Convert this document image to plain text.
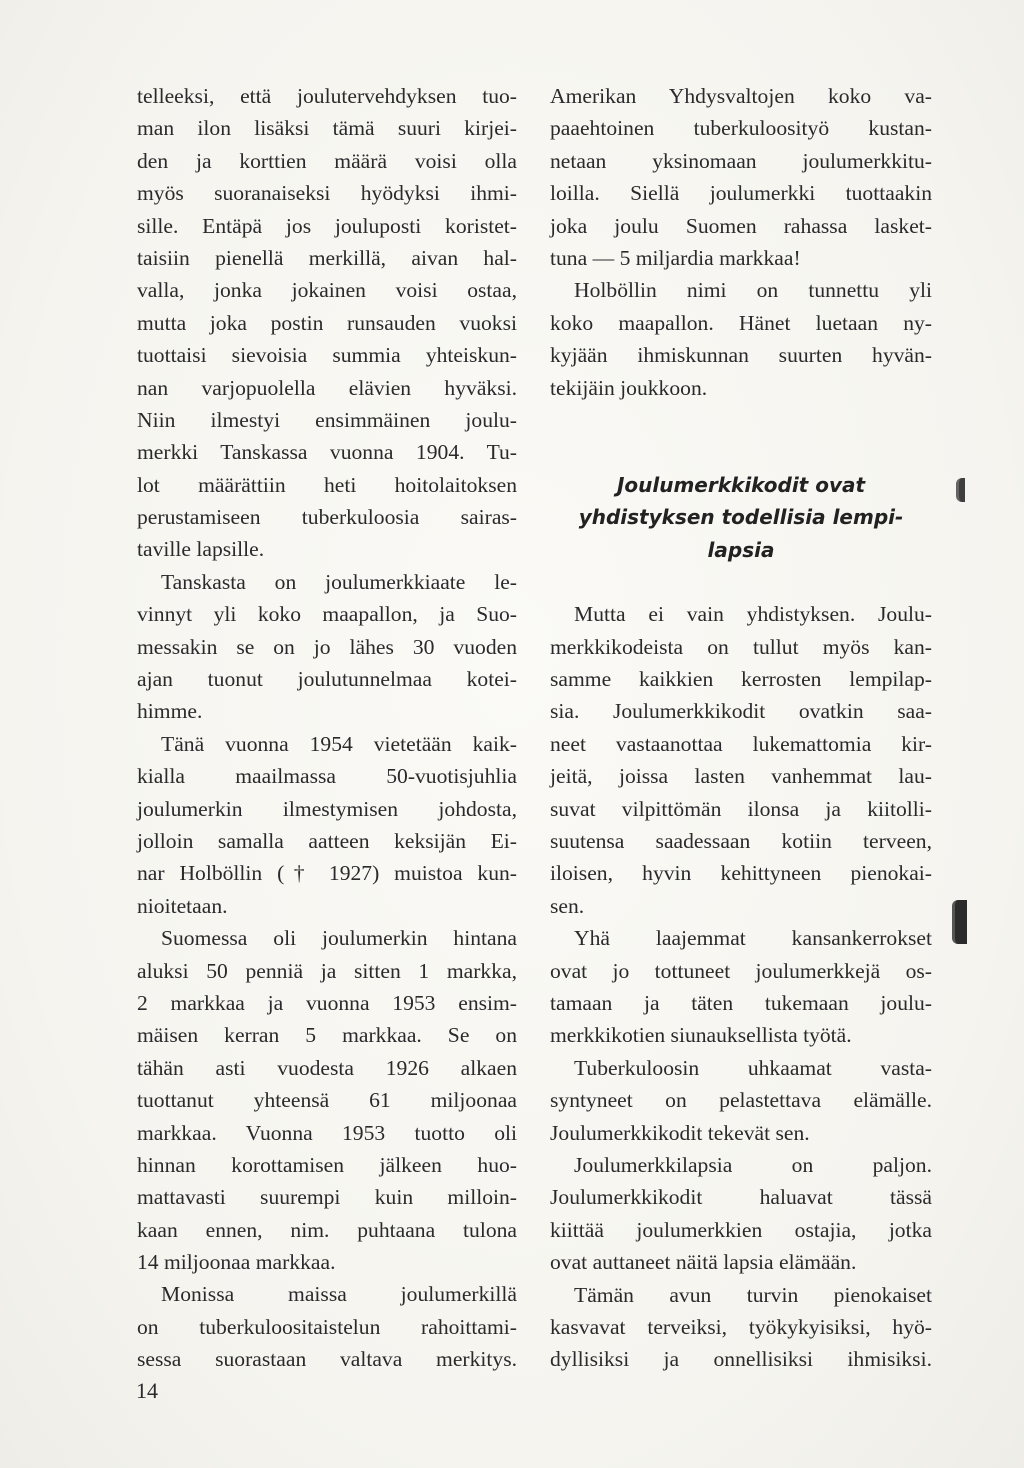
telleeksi, että joulutervehdyksen tuo-
man ilon lisäksi tämä suuri kirjei-
den ja korttien määrä voisi olla
myös suoranaiseksi hyödyksi ihmi-
sille. Entäpä jos jouluposti koristet-
taisiin pienellä merkillä, aivan hal-
valla, jonka jokainen voisi ostaa,
mutta joka postin runsauden vuoksi
tuottaisi sievoisia summia yhteiskun-
nan varjopuolella elävien hyväksi.
Niin ilmestyi ensimmäinen joulu-
merkki Tanskassa vuonna 1904. Tu-
lot määrättiin heti hoitolaitoksen
perustamiseen tuberkuloosia sairas-
taville lapsille.
Tanskasta on joulumerkkiaate le-
vinnyt yli koko maapallon, ja Suo-
messakin se on jo lähes 30 vuoden
ajan tuonut joulutunnelmaa kotei-
himme.
Tänä vuonna 1954 vietetään kaik-
kialla maailmassa 50-vuotisjuhlia
joulumerkin ilmestymisen johdosta,
jolloin samalla aatteen keksijän Ei-
nar Holböllin († 1927) muistoa kun-
nioitetaan.
Suomessa oli joulumerkin hintana
aluksi 50 penniä ja sitten 1 markka,
2 markkaa ja vuonna 1953 ensim-
mäisen kerran 5 markkaa. Se on
tähän asti vuodesta 1926 alkaen
tuottanut yhteensä 61 miljoonaa
markkaa. Vuonna 1953 tuotto oli
hinnan korottamisen jälkeen huo-
mattavasti suurempi kuin milloin-
kaan ennen, nim. puhtaana tulona
14 miljoonaa markkaa.
Monissa maissa joulumerkillä
on tuberkuloositaistelun rahoittami-
sessa suorastaan valtava merkitys.
Amerikan Yhdysvaltojen koko va-
paaehtoinen tuberkuloosityö kustan-
netaan yksinomaan joulumerkkitu-
loilla. Siellä joulumerkki tuottaakin
joka joulu Suomen rahassa lasket-
tuna — 5 miljardia markkaa!
Holböllin nimi on tunnettu yli
koko maapallon. Hänet luetaan ny-
kyjään ihmiskunnan suurten hyvän-
tekijäin joukkoon.
Joulumerkkikodit ovat
yhdistyksen todellisia lempi-
lapsia
Mutta ei vain yhdistyksen. Joulu-
merkkikodeista on tullut myös kan-
samme kaikkien kerrosten lempilap-
sia. Joulumerkkikodit ovatkin saa-
neet vastaanottaa lukemattomia kir-
jeitä, joissa lasten vanhemmat lau-
suvat vilpittömän ilonsa ja kiitolli-
suutensa saadessaan kotiin terveen,
iloisen, hyvin kehittyneen pienokai-
sen.
Yhä laajemmat kansankerrokset
ovat jo tottuneet joulumerkkejä os-
tamaan ja täten tukemaan joulu-
merkkikotien siunauksellista työtä.
Tuberkuloosin uhkaamat vasta-
syntyneet on pelastettava elämälle.
Joulumerkkikodit tekevät sen.
Joulumerkkilapsia on paljon.
Joulumerkkikodit haluavat tässä
kiittää joulumerkkien ostajia, jotka
ovat auttaneet näitä lapsia elämään.
Tämän avun turvin pienokaiset
kasvavat terveiksi, työkykyisiksi, hyö-
dyllisiksi ja onnellisiksi ihmisiksi.
14
